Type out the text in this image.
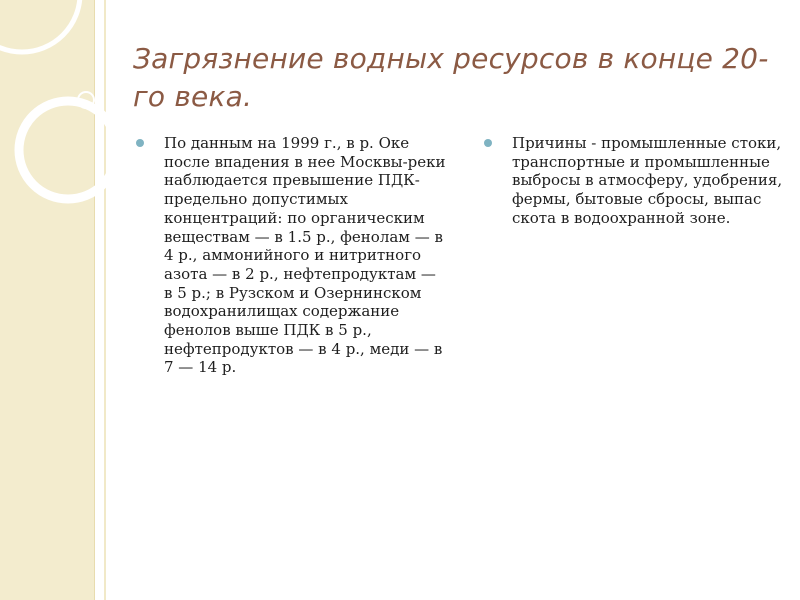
Загрязнение водных ресурсов в конце 20-го века.
По данным на 1999 г., в р. Оке после впадения в нее Москвы-реки наблюдается превышение ПДК-предельно допустимых концентраций: по органическим веществам — в 1.5 р., фенолам — в 4 р., аммонийного и нитритного азота — в 2 р., нефтепродуктам — в 5 р.; в Рузском и Озернинском водохранилищах содержание фенолов выше ПДК в 5 р., нефтепродуктов — в 4 р., меди — в 7 — 14 р.
Причины - промышленные стоки, транспортные и промышленные выбросы в атмосферу, удобрения, фермы, бытовые сбросы, выпас скота в водоохранной зоне.
